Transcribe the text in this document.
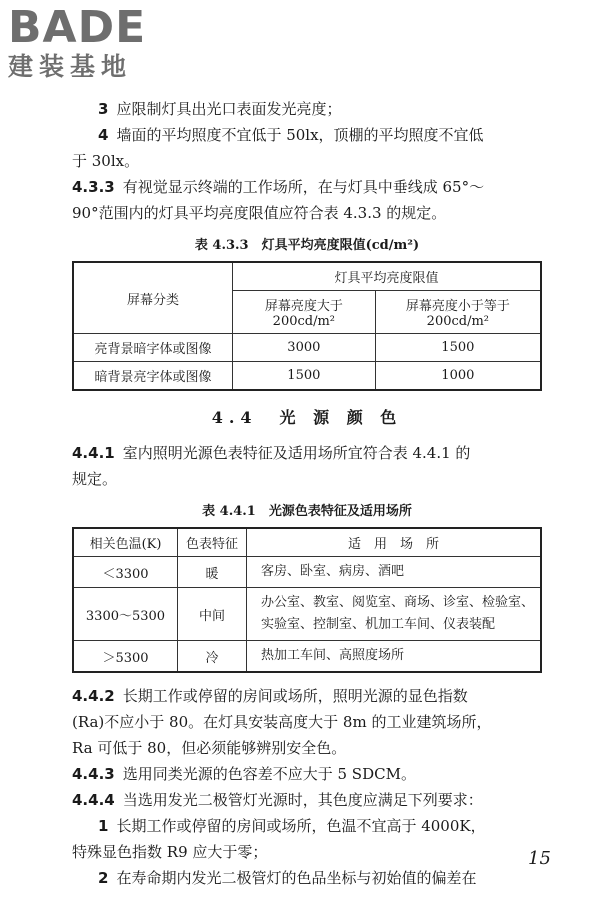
BADE
建装基地

3 应限制灯具出光口表面发光亮度；

4 墙面的平均照度不宜低于 50lx，顶棚的平均照度不宜低

于 30lx。

4.3.3 有视觉显示终端的工作场所，在与灯具中垂线成 65°～

90°范围内的灯具平均亮度限值应符合表 4.3.3 的规定。

表 4.3.3　灯具平均亮度限值(cd/m²)
屏幕分类	灯具平均亮度限值	
	屏幕亮度大于 200cd/m²	屏幕亮度小于等于 200cd/m²
亮背景暗字体或图像	3000	1500
暗背景亮字体或图像	1500	1000
4.4　光 源 颜 色

4.4.1 室内照明光源色表特征及适用场所宜符合表 4.4.1 的

规定。

表 4.4.1　光源色表特征及适用场所
相关色温(K)	色表特征	适　用　场　所
＜3300	暖	客房、卧室、病房、酒吧
3300～5300	中间	办公室、教室、阅览室、商场、诊室、检验室、
实验室、控制室、机加工车间、仪表装配

＞5300	冷	热加工车间、高照度场所

4.4.2 长期工作或停留的房间或场所，照明光源的显色指数

(Ra)不应小于 80。在灯具安装高度大于 8m 的工业建筑场所，

Ra 可低于 80，但必须能够辨别安全色。

4.4.3 选用同类光源的色容差不应大于 5 SDCM。

4.4.4 当选用发光二极管灯光源时，其色度应满足下列要求：

1 长期工作或停留的房间或场所，色温不宜高于 4000K，

特殊显色指数 R9 应大于零；

2 在寿命期内发光二极管灯的色品坐标与初始值的偏差在

15
